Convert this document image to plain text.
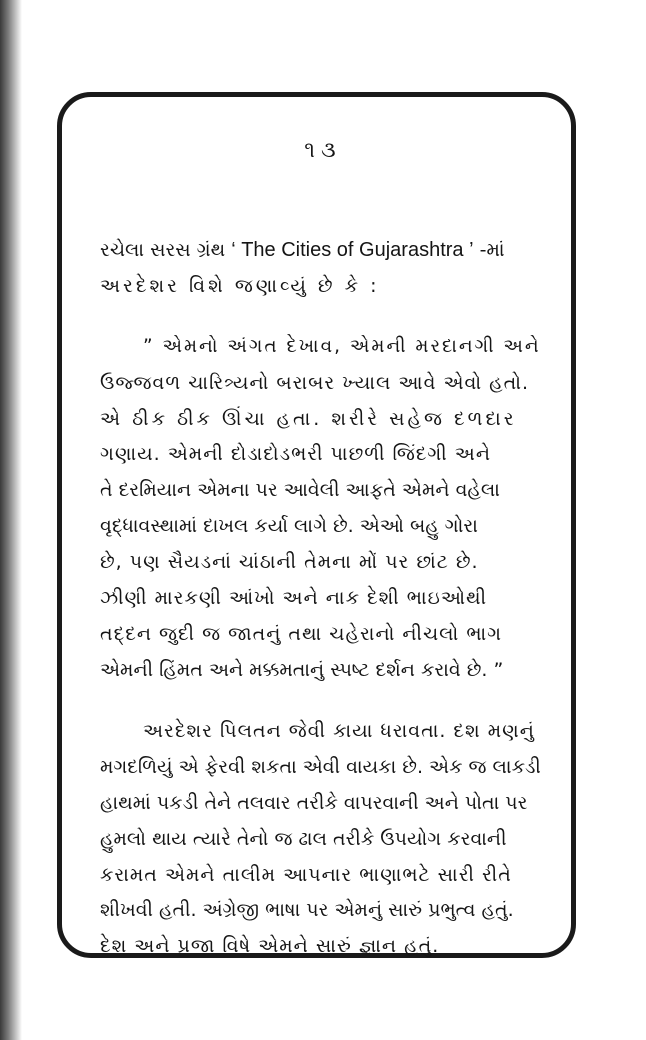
૧૩
રચેલા સરસ ગ્રંથ ‘ The Cities of Gujarashtra ’ -માં
અરદેશર વિશે જણાવ્યું છે કે :
” એમનો અંગત દેખાવ, એમની મરદાનગી અને
ઉજ્જવળ ચારિત્ર્યનો બરાબર ખ્યાલ આવે એવો હતો.
એ ઠીક ઠીક ઊંચા હતા. શરીરે સહેજ દળદાર
ગણાય. એમની દોડાદોડભરી પાછળી જિંદગી અને
તે દરમિયાન એમના પર આવેલી આફતે એમને વહેલા
વૃદ્ધાવસ્થામાં દાખલ કર્યા લાગે છે. એઓ બહુ ગોરા
છે, પણ સૈયડનાં ચાંઠાની તેમના મોં પર છાંટ છે.
ઝીણી મારકણી આંખો અને નાક દેશી ભાઇઓથી
તદ્દન જુદી જ જાતનું તથા ચહેરાનો નીચલો ભાગ
એમની હિંમત અને મક્કમતાનું સ્પષ્ટ દર્શન કરાવે છે. ”
અરદેશર પિલતન જેવી કાયા ધરાવતા. દશ મણનું
મગદળિયું એ ફેરવી શકતા એવી વાયકા છે. એક જ લાકડી
હાથમાં પકડી તેને તલવાર તરીકે વાપરવાની અને પોતા પર
હુમલો થાય ત્યારે તેનો જ ઢાલ તરીકે ઉપયોગ કરવાની
કરામત એમને તાલીમ આપનાર ભાણાભટે સારી રીતે
શીખવી હતી. અંગ્રેજી ભાષા પર એમનું સારું પ્રભુત્વ હતું.
દેશ અને પ્રજા વિષે એમને સારું જ્ઞાન હતું.
